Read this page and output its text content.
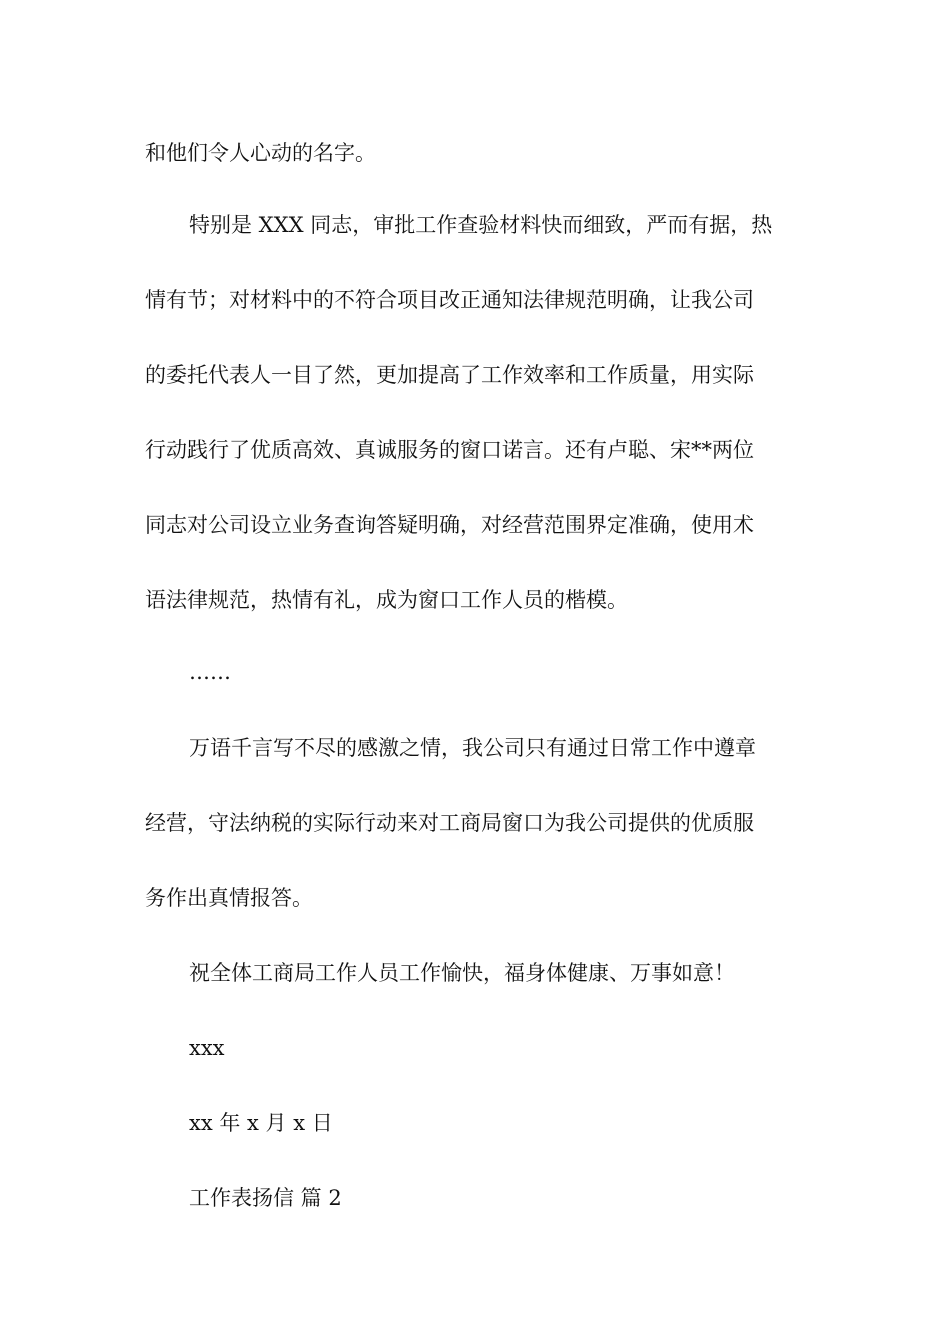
和他们令人心动的名字。
特别是 XXX 同志，审批工作查验材料快而细致，严而有据，热
情有节；对材料中的不符合项目改正通知法律规范明确，让我公司
的委托代表人一目了然，更加提高了工作效率和工作质量，用实际
行动践行了优质高效、真诚服务的窗口诺言。还有卢聪、宋**两位
同志对公司设立业务查询答疑明确，对经营范围界定准确，使用术
语法律规范，热情有礼，成为窗口工作人员的楷模。
……
万语千言写不尽的感激之情，我公司只有通过日常工作中遵章
经营，守法纳税的实际行动来对工商局窗口为我公司提供的优质服
务作出真情报答。
祝全体工商局工作人员工作愉快，福身体健康、万事如意！
xxx
xx 年 x 月 x 日
工作表扬信 篇 2
